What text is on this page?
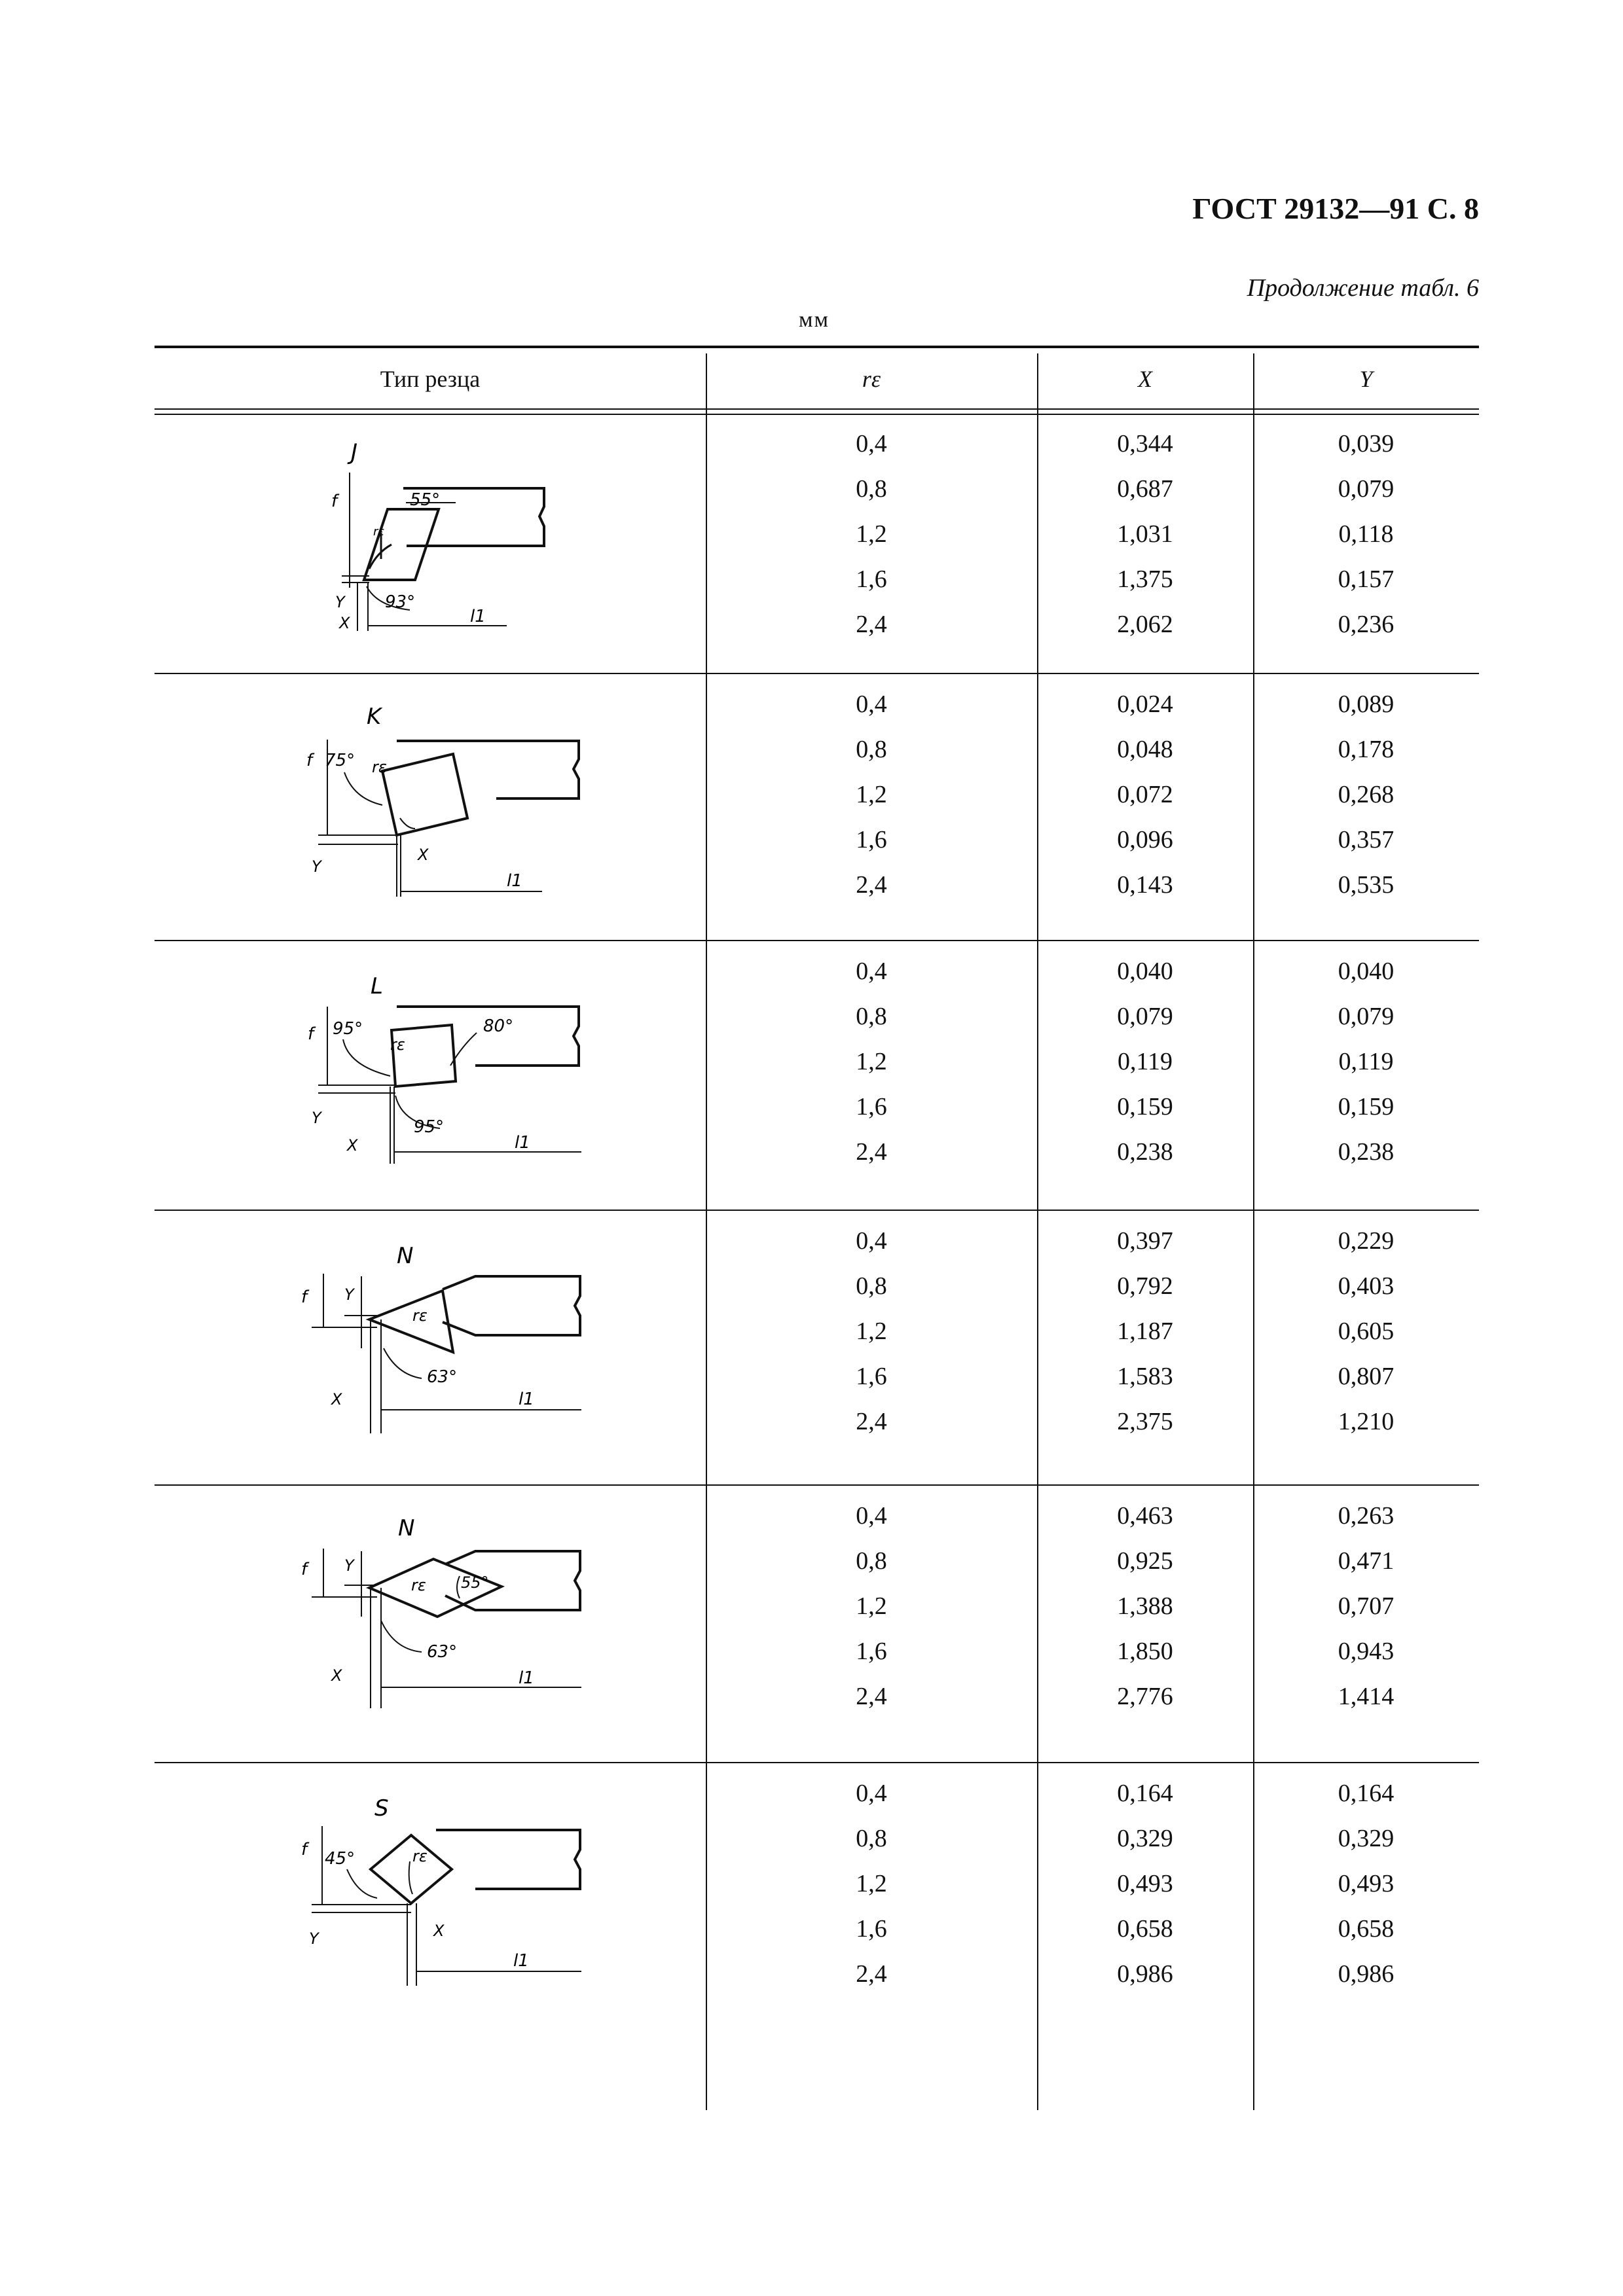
ГОСТ 29132—91 С. 8
Продолжение табл. 6
мм
Тип резца	rε	X	Y
J
55°
93°
f
Y
X	l1
rε
0,4	0,344	0,039
0,8	0,687	0,079
1,2	1,031	0,118
1,6	1,375	0,157
2,4	2,062	0,236
K
rε
75°
f
Y
X
l1
0,4	0,024	0,089
0,8	0,048	0,178
1,2	0,072	0,268
1,6	0,096	0,357
2,4	0,143	0,535
L
rε
95°	80°
95°
f
Y
X	l1
0,4	0,040	0,040
0,8	0,079	0,079
1,2	0,119	0,119
1,6	0,159	0,159
2,4	0,238	0,238
N
rε
63°
f Y
X	l1
0,4	0,397	0,229
0,8	0,792	0,403
1,2	1,187	0,605
1,6	1,583	0,807
2,4	2,375	1,210
N
rε 55°
63°
f Y
X	l1
0,4	0,463	0,263
0,8	0,925	0,471
1,2	1,388	0,707
1,6	1,850	0,943
2,4	2,776	1,414
S
rε
45°
f
Y	X
l1
0,4	0,164	0,164
0,8	0,329	0,329
1,2	0,493	0,493
1,6	0,658	0,658
2,4	0,986	0,986
